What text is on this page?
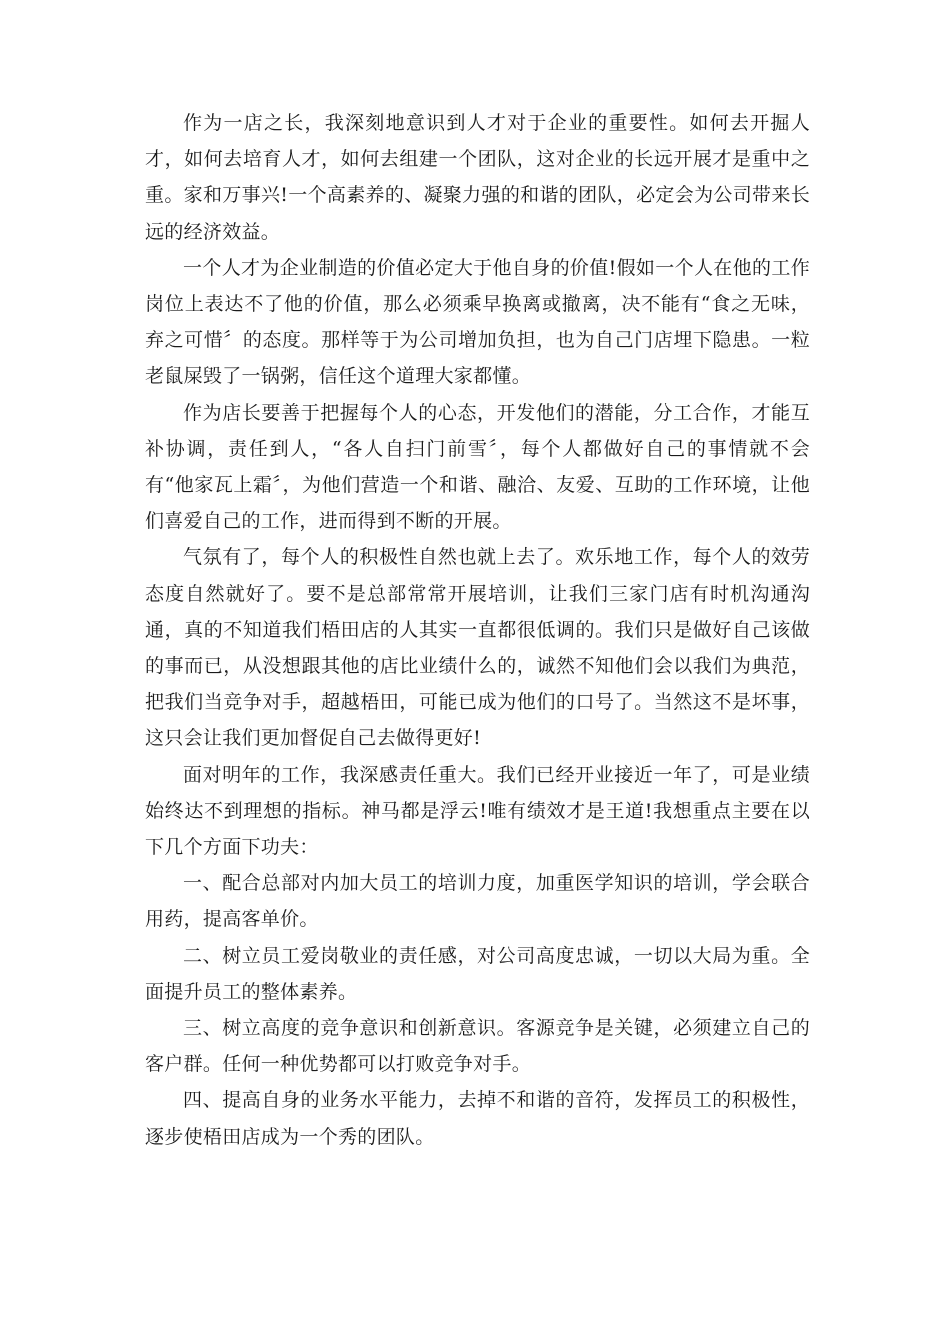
作为一店之长，我深刻地意识到人才对于企业的重要性。如何去开掘人才，如何去培育人才，如何去组建一个团队，这对企业的长远开展才是重中之重。家和万事兴!一个高素养的、凝聚力强的和谐的团队，必定会为公司带来长远的经济效益。

一个人才为企业制造的价值必定大于他自身的价值!假如一个人在他的工作岗位上表达不了他的价值，那么必须乘早换离或撤离，决不能有“食之无味，弃之可惜〞的态度。那样等于为公司增加负担，也为自己门店埋下隐患。一粒老鼠屎毁了一锅粥，信任这个道理大家都懂。

作为店长要善于把握每个人的心态，开发他们的潜能，分工合作，才能互补协调，责任到人，“各人自扫门前雪〞，每个人都做好自己的事情就不会有“他家瓦上霜〞，为他们营造一个和谐、融洽、友爱、互助的工作环境，让他们喜爱自己的工作，进而得到不断的开展。

气氛有了，每个人的积极性自然也就上去了。欢乐地工作，每个人的效劳态度自然就好了。要不是总部常常开展培训，让我们三家门店有时机沟通沟通，真的不知道我们梧田店的人其实一直都很低调的。我们只是做好自己该做的事而已，从没想跟其他的店比业绩什么的，诚然不知他们会以我们为典范，把我们当竞争对手，超越梧田，可能已成为他们的口号了。当然这不是坏事，这只会让我们更加督促自己去做得更好!

面对明年的工作，我深感责任重大。我们已经开业接近一年了，可是业绩始终达不到理想的指标。神马都是浮云!唯有绩效才是王道!我想重点主要在以下几个方面下功夫：

一、配合总部对内加大员工的培训力度，加重医学知识的培训，学会联合用药，提高客单价。

二、树立员工爱岗敬业的责任感，对公司高度忠诚，一切以大局为重。全面提升员工的整体素养。

三、树立高度的竞争意识和创新意识。客源竞争是关键，必须建立自己的客户群。任何一种优势都可以打败竞争对手。

四、提高自身的业务水平能力，去掉不和谐的音符，发挥员工的积极性，逐步使梧田店成为一个秀的团队。
